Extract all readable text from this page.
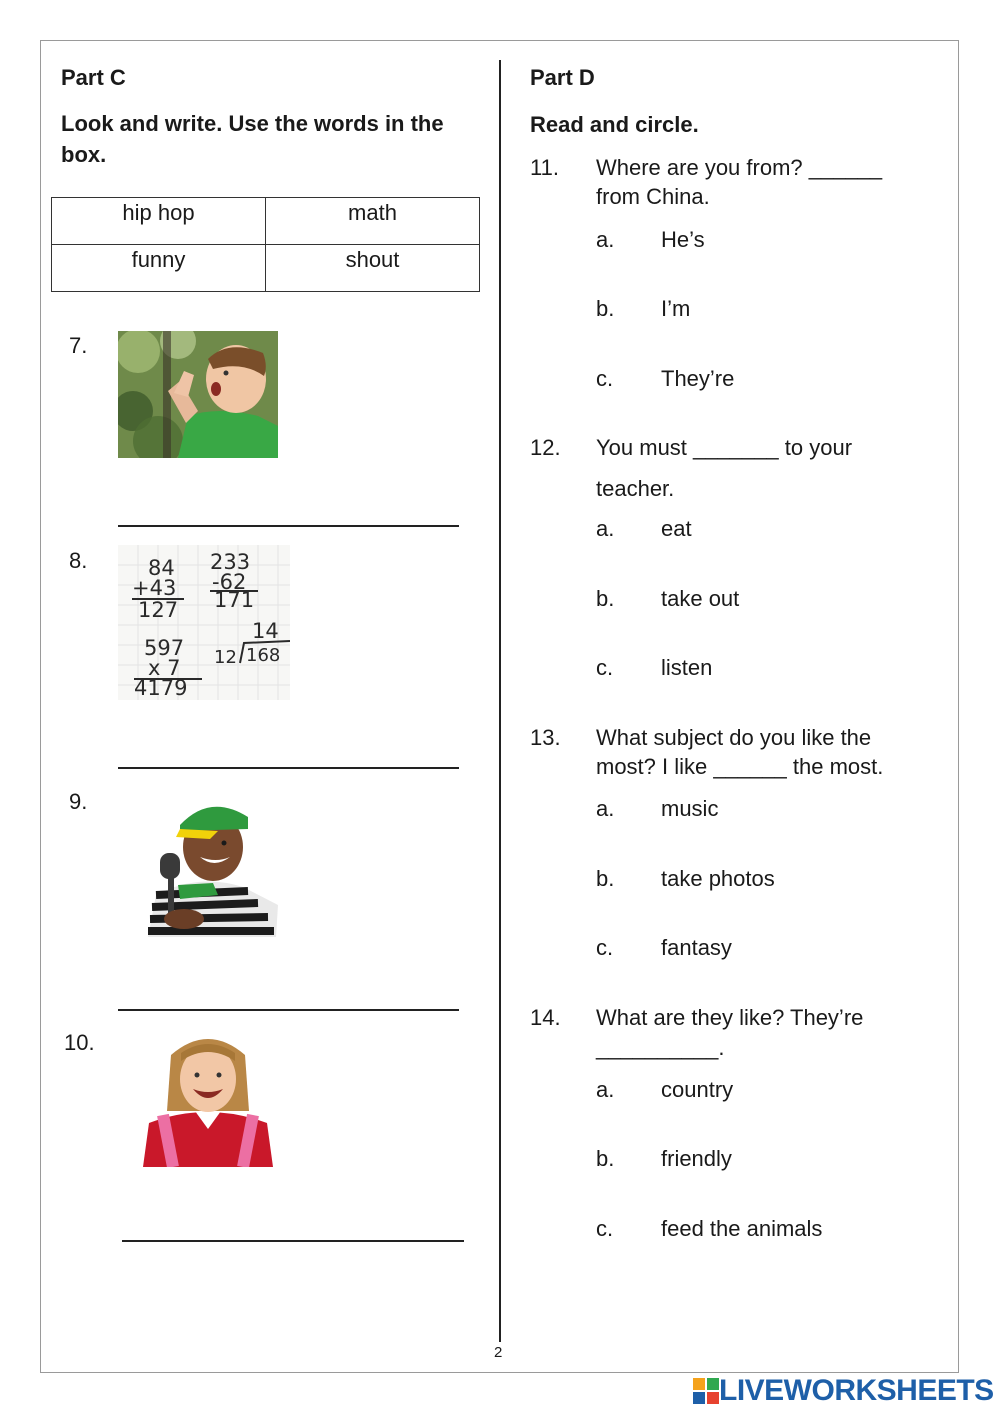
Part C
Look and write. Use the words in the
box.
hip hop	math
funny	shout
7.
8.	84
+43
127
233
-62
171
597
x 7
4179
14
12 168
9.
10.
Part D
Read and circle.
11. Where are you from? ______
from China.
a. He’s
b. I’m
c. They’re
12. You must _______ to your
teacher.
a. eat
b. take out
c. listen
13. What subject do you like the
most? I like ______ the most.
a. music
b. take photos
c. fantasy
14. What are they like? They’re
__________.
a. country
b. friendly
c. feed the animals
2
LIVEWORKSHEETS
